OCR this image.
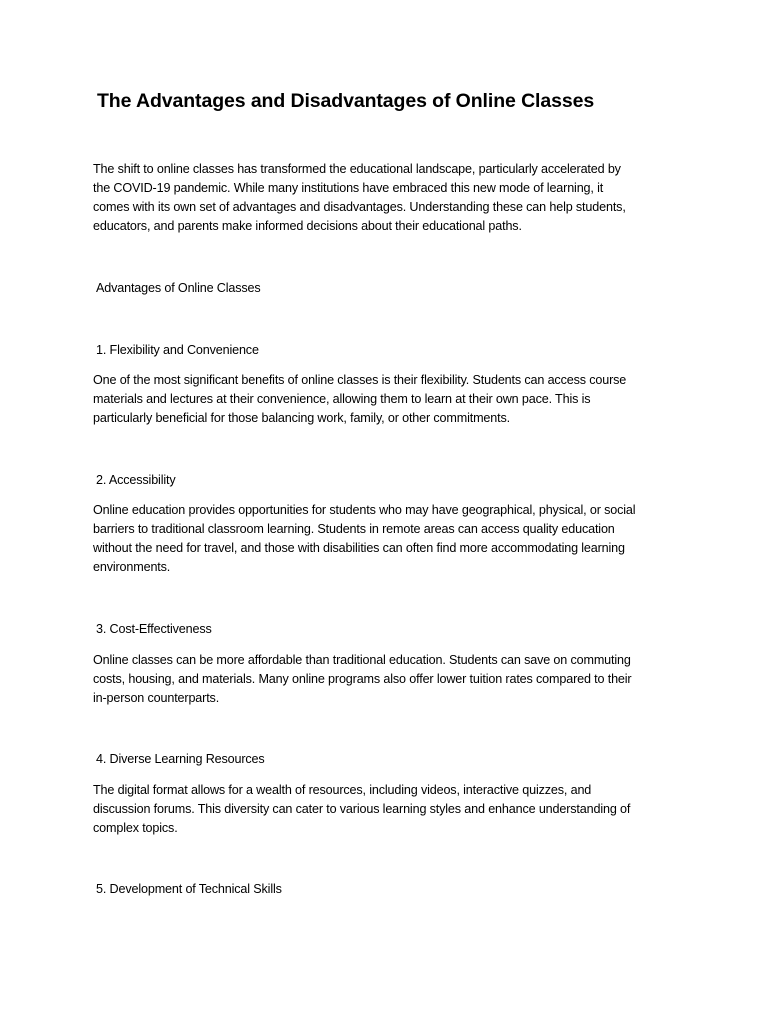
The Advantages and Disadvantages of Online Classes

The shift to online classes has transformed the educational landscape, particularly accelerated by
the COVID-19 pandemic. While many institutions have embraced this new mode of learning, it
comes with its own set of advantages and disadvantages. Understanding these can help students,
educators, and parents make informed decisions about their educational paths.

Advantages of Online Classes
1. Flexibility and Convenience

One of the most significant benefits of online classes is their flexibility. Students can access course
materials and lectures at their convenience, allowing them to learn at their own pace. This is
particularly beneficial for those balancing work, family, or other commitments.

2. Accessibility

Online education provides opportunities for students who may have geographical, physical, or social
barriers to traditional classroom learning. Students in remote areas can access quality education
without the need for travel, and those with disabilities can often find more accommodating learning
environments.

3. Cost-Effectiveness

Online classes can be more affordable than traditional education. Students can save on commuting
costs, housing, and materials. Many online programs also offer lower tuition rates compared to their
in-person counterparts.

4. Diverse Learning Resources

The digital format allows for a wealth of resources, including videos, interactive quizzes, and
discussion forums. This diversity can cater to various learning styles and enhance understanding of
complex topics.

5. Development of Technical Skills
